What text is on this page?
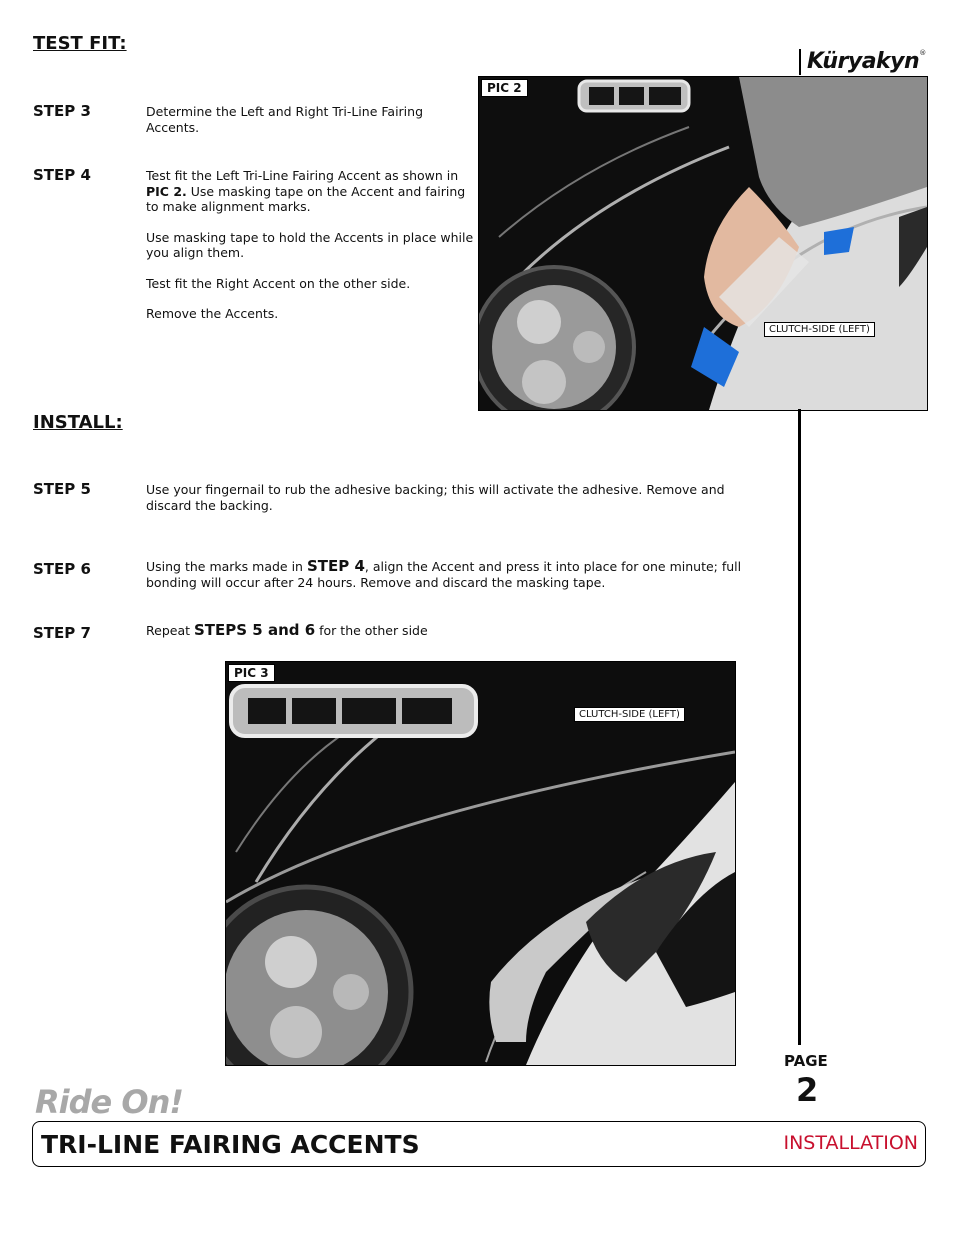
TEST FIT:
Küryakyn®
STEP 3	Determine the Left and Right Tri-Line Fairing Accents.
STEP 4	Test fit the Left Tri-Line Fairing Accent as shown in PIC 2. Use masking tape on the Accent and fairing to make alignment marks.

Use masking tape to hold the Accents in place while you align them.

Test fit the Right Accent on the other side.

Remove the Accents.

PIC 2
CLUTCH-SIDE (LEFT)
INSTALL:
STEP 5	Use your fingernail to rub the adhesive backing; this will activate the adhesive. Remove and discard the backing.
STEP 6	Using the marks made in STEP 4, align the Accent and press it into place for one minute; full bonding will occur after 24 hours. Remove and discard the masking tape.
STEP 7	Repeat STEPS 5 and 6 for the other side
PIC 3
CLUTCH-SIDE (LEFT)
PAGE
2
Ride On!
TRI-LINE FAIRING ACCENTS	INSTALLATION
